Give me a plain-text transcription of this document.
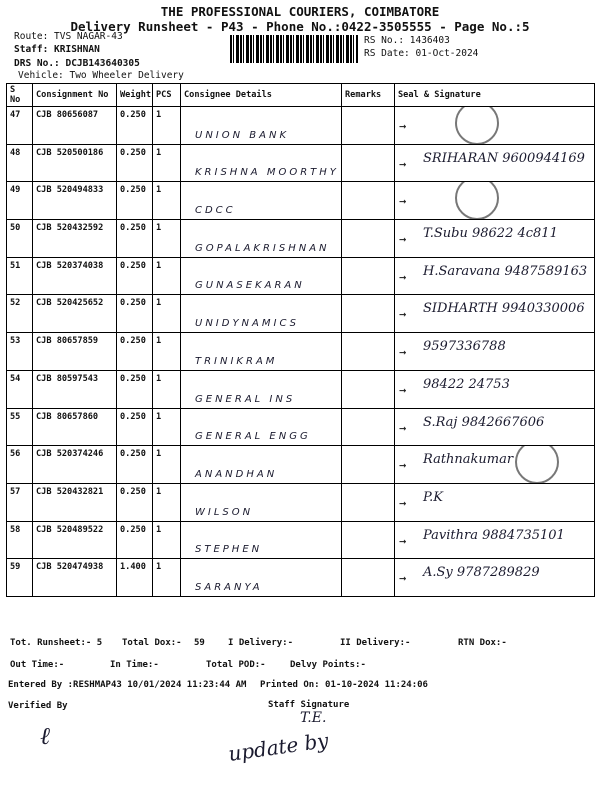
THE PROFESSIONAL COURIERS, COIMBATORE
Delivery Runsheet - P43 - Phone No.:0422-3505555 - Page No.:5
Route: TVS NAGAR-43
Staff: KRISHNAN
DRS No.: DCJB143640305
Vehicle: Two Wheeler Delivery
RS No.: 1436403
RS Date: 01-Oct-2024
S No	Consignment No	Weight	PCS	Consignee Details	Remarks	Seal & Signature
47	CJB 80656087	0.250	1	UNION BANK		→

48	CJB 520500186	0.250	1	KRISHNA MOORTHY		→ SRIHARAN 9600944169

49	CJB 520494833	0.250	1	CDCC		→

50	CJB 520432592	0.250	1	GOPALAKRISHNAN		→ T.Subu 98622 4c811

51	CJB 520374038	0.250	1	GUNASEKARAN		→ H.Saravana 9487589163

52	CJB 520425652	0.250	1	UNIDYNAMICS		→ SIDHARTH 9940330006

53	CJB 80657859	0.250	1	TRINIKRAM		→ 9597336788

54	CJB 80597543	0.250	1	GENERAL INS		→ 98422 24753

55	CJB 80657860	0.250	1	GENERAL ENGG		→ S.Raj 9842667606

56	CJB 520374246	0.250	1	ANANDHAN		→ Rathnakumar

57	CJB 520432821	0.250	1	WILSON		→ P.K

58	CJB 520489522	0.250	1	STEPHEN		→ Pavithra 9884735101

59	CJB 520474938	1.400	1	SARANYA		→ A.Sy 9787289829
Tot. Runsheet:- 5 Total Dox:- 59	I Delivery:-	II Delivery:-	RTN Dox:-
Out Time:-	In Time:-	Total POD:-	Delvy Points:-
Entered By :RESHMAP43 10/01/2024 11:23:44 AM Printed On: 01-10-2024 11:24:06
Verified By	Staff Signature
ℓ
T.E.
update by
